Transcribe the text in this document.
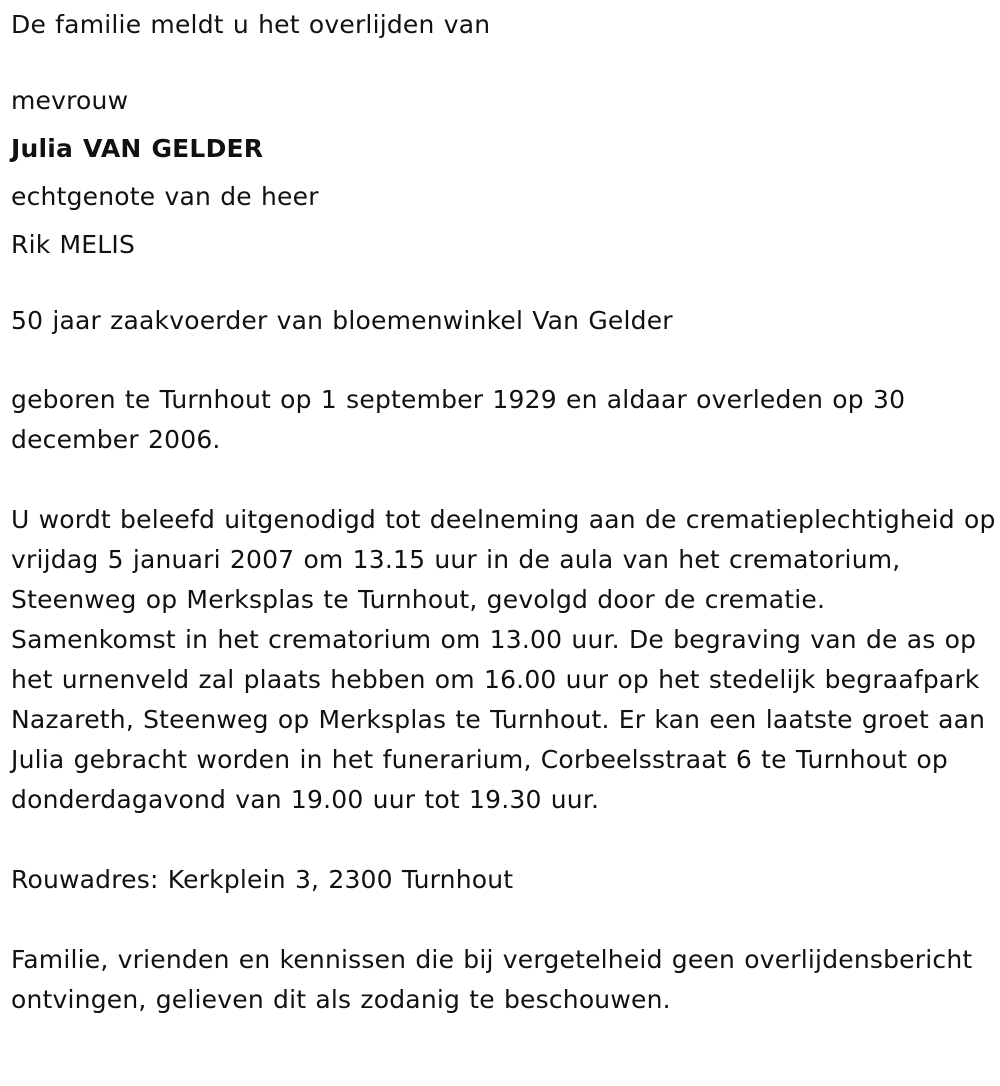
De familie meldt u het overlijden van

mevrouw
Julia VAN GELDER
echtgenote van de heer
Rik MELIS

50 jaar zaakvoerder van bloemenwinkel Van Gelder

geboren te Turnhout op 1 september 1929 en aldaar overleden op 30 december 2006.

U wordt beleefd uitgenodigd tot deelneming aan de crematieplechtigheid op vrijdag 5 januari 2007 om 13.15 uur in de aula van het crematorium, Steenweg op Merksplas te Turnhout, gevolgd door de crematie. Samenkomst in het crematorium om 13.00 uur. De begraving van de as op het urnenveld zal plaats hebben om 16.00 uur op het stedelijk begraafpark Nazareth, Steenweg op Merksplas te Turnhout. Er kan een laatste groet aan Julia gebracht worden in het funerarium, Corbeelsstraat 6 te Turnhout op donderdagavond van 19.00 uur tot 19.30 uur.

Rouwadres: Kerkplein 3, 2300 Turnhout

Familie, vrienden en kennissen die bij vergetelheid geen overlijdensbericht ontvingen, gelieven dit als zodanig te beschouwen.
